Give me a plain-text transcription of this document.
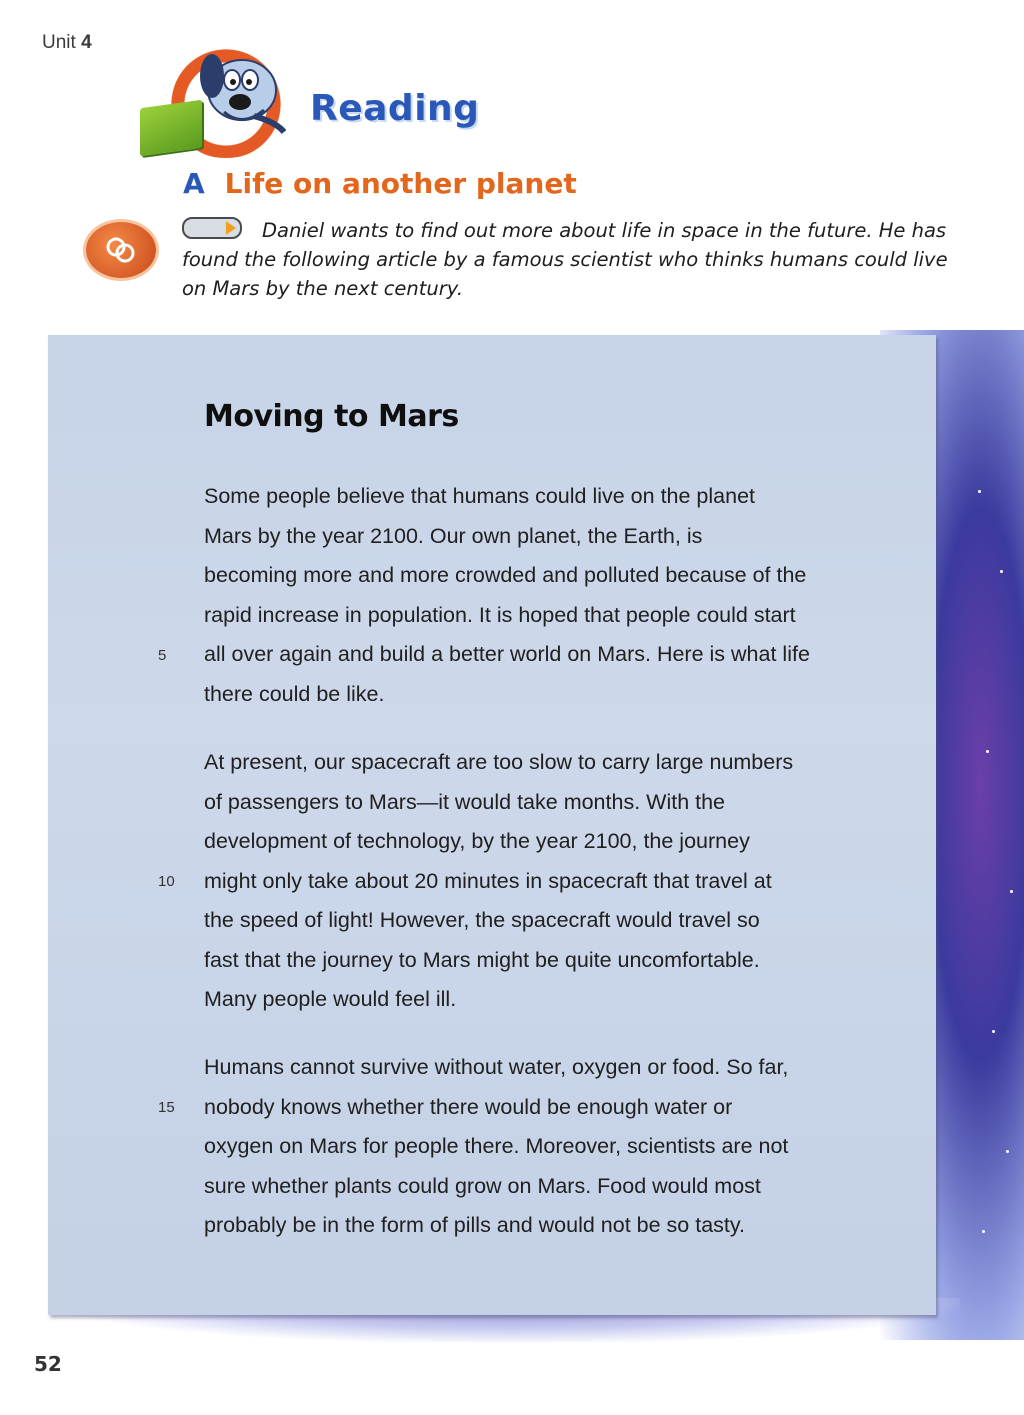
Unit 4
Reading
A Life on another planet
Daniel wants to find out more about life in space in the future. He has found the following article by a famous scientist who thinks humans could live on Mars by the next century.
Moving to Mars
Some people believe that humans could live on the planet
Mars by the year 2100. Our own planet, the Earth, is
becoming more and more crowded and polluted because of the
rapid increase in population. It is hoped that people could start
all over again and build a better world on Mars. Here is what life
there could be like.
5
At present, our spacecraft are too slow to carry large numbers
of passengers to Mars—it would take months. With the
development of technology, by the year 2100, the journey
might only take about 20 minutes in spacecraft that travel at
the speed of light! However, the spacecraft would travel so
fast that the journey to Mars might be quite uncomfortable.
Many people would feel ill.
10
Humans cannot survive without water, oxygen or food. So far,
nobody knows whether there would be enough water or
oxygen on Mars for people there. Moreover, scientists are not
sure whether plants could grow on Mars. Food would most
probably be in the form of pills and would not be so tasty.
15
52
